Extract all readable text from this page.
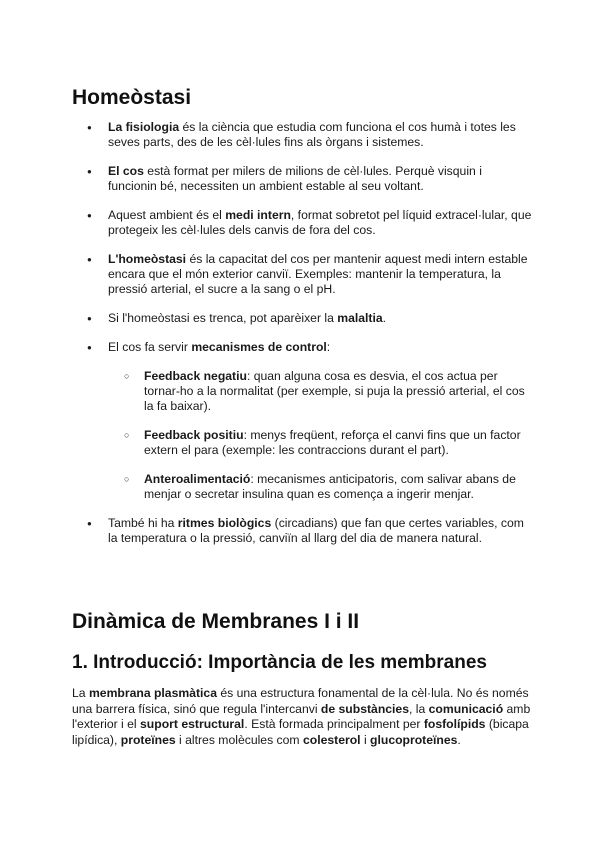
Homeòstasi
● La fisiologia és la ciència que estudia com funciona el cos humà i totes les seves parts, des de les cèl·lules fins als òrgans i sistemes.
● El cos està format per milers de milions de cèl·lules. Perquè visquin i funcionin bé, necessiten un ambient estable al seu voltant.
● Aquest ambient és el medi intern, format sobretot pel líquid extracel·lular, que protegeix les cèl·lules dels canvis de fora del cos.
● L'homeòstasi és la capacitat del cos per mantenir aquest medi intern estable encara que el món exterior canviï. Exemples: mantenir la temperatura, la pressió arterial, el sucre a la sang o el pH.
● Si l'homeòstasi es trenca, pot aparèixer la malaltia.
● El cos fa servir mecanismes de control:
○ Feedback negatiu: quan alguna cosa es desvia, el cos actua per tornar-ho a la normalitat (per exemple, si puja la pressió arterial, el cos la fa baixar).
○ Feedback positiu: menys freqüent, reforça el canvi fins que un factor extern el para (exemple: les contraccions durant el part).
○ Anteroalimentació: mecanismes anticipatoris, com salivar abans de menjar o secretar insulina quan es comença a ingerir menjar.
● També hi ha ritmes biològics (circadians) que fan que certes variables, com la temperatura o la pressió, canviïn al llarg del dia de manera natural.
Dinàmica de Membranes I i II
1. Introducció: Importància de les membranes

La membrana plasmàtica és una estructura fonamental de la cèl·lula. No és només una barrera física, sinó que regula l'intercanvi de substàncies, la comunicació amb l'exterior i el suport estructural. Està formada principalment per fosfolípids (bicapa lipídica), proteïnes i altres molècules com colesterol i glucoproteïnes.
